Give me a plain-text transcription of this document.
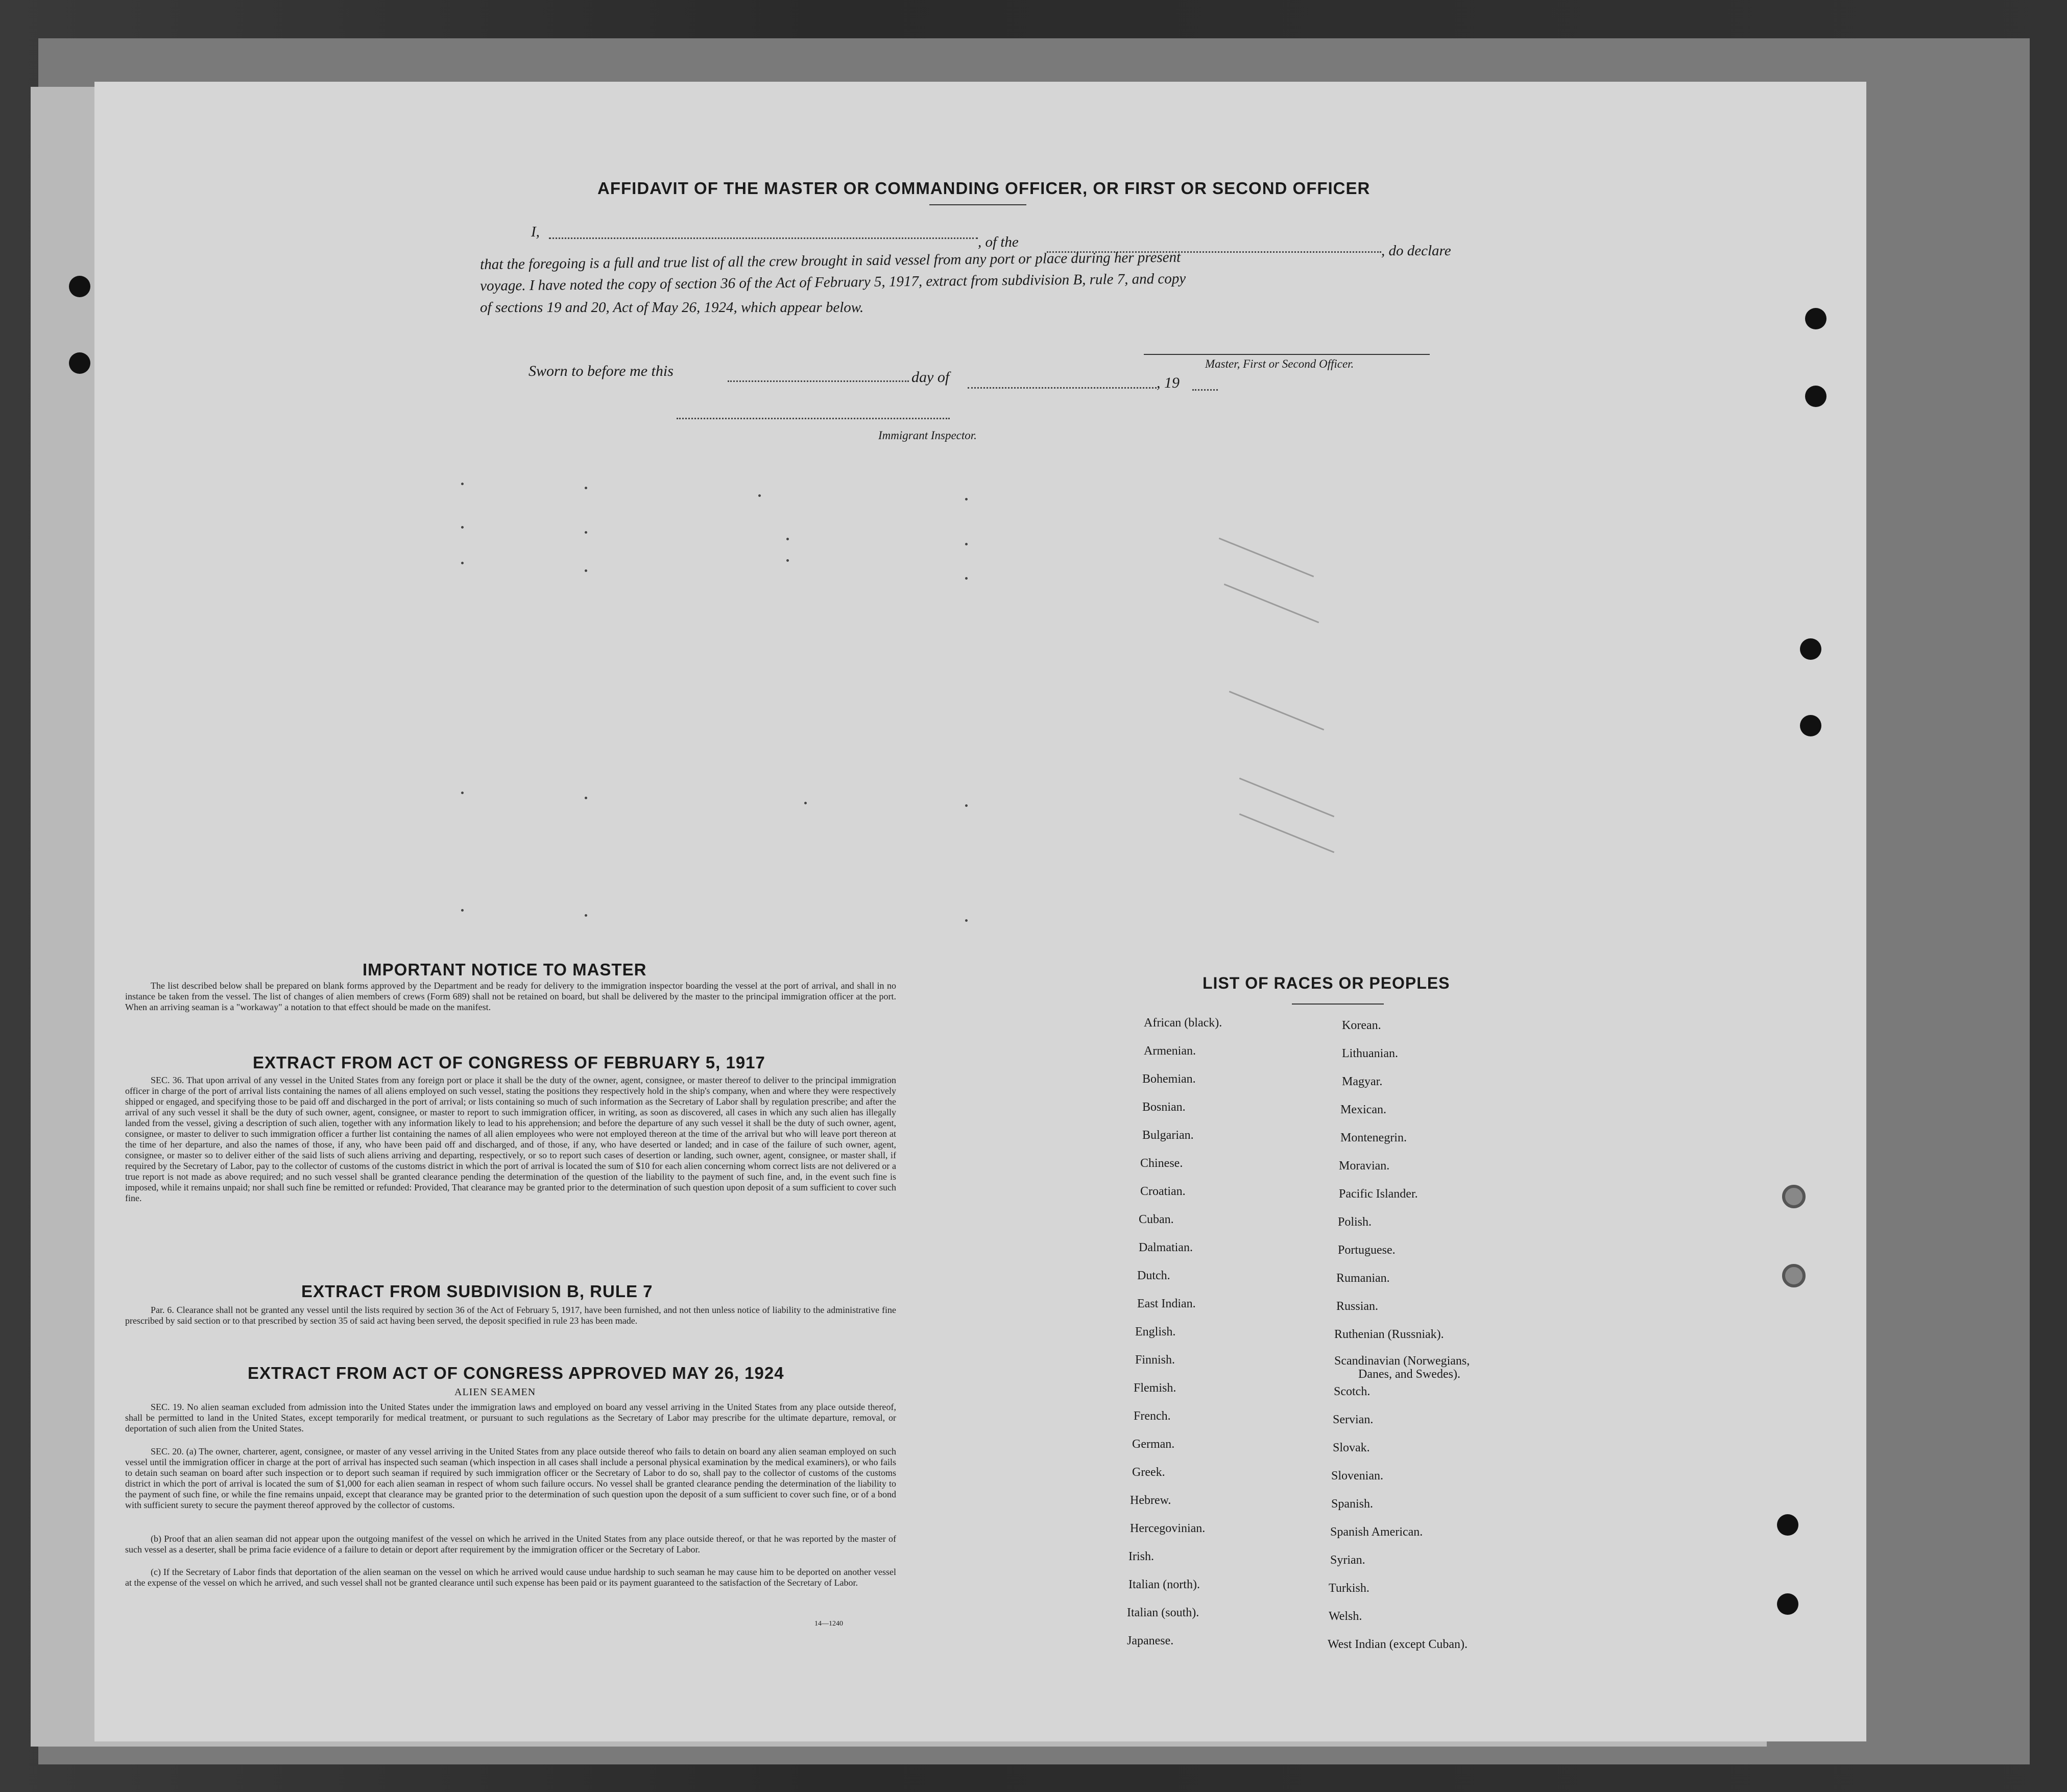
AFFIDAVIT OF THE MASTER OR COMMANDING OFFICER, OR FIRST OR SECOND OFFICER
I,
, of the
, do declare
that the foregoing is a full and true list of all the crew brought in said vessel from any port or place during her present
voyage. I have noted the copy of section 36 of the Act of February 5, 1917, extract from subdivision B, rule 7, and copy
of sections 19 and 20, Act of May 26, 1924, which appear below.
Master, First or Second Officer.
Sworn to before me this	day of	, 19
Immigrant Inspector.
IMPORTANT NOTICE TO MASTER
The list described below shall be prepared on blank forms approved by the Department and be ready for delivery to the immigration inspector boarding the vessel at the port of arrival, and shall in no instance be taken from the vessel. The list of changes of alien members of crews (Form 689) shall not be retained on board, but shall be delivered by the master to the principal immigration officer at the port. When an arriving seaman is a "workaway" a notation to that effect should be made on the manifest.
EXTRACT FROM ACT OF CONGRESS OF FEBRUARY 5, 1917
SEC. 36. That upon arrival of any vessel in the United States from any foreign port or place it shall be the duty of the owner, agent, consignee, or master thereof to deliver to the principal immigration officer in charge of the port of arrival lists containing the names of all aliens employed on such vessel, stating the positions they respectively hold in the ship's company, when and where they were respectively shipped or engaged, and specifying those to be paid off and discharged in the port of arrival; or lists containing so much of such information as the Secretary of Labor shall by regulation prescribe; and after the arrival of any such vessel it shall be the duty of such owner, agent, consignee, or master to report to such immigration officer, in writing, as soon as discovered, all cases in which any such alien has illegally landed from the vessel, giving a description of such alien, together with any information likely to lead to his apprehension; and before the departure of any such vessel it shall be the duty of such owner, agent, consignee, or master to deliver to such immigration officer a further list containing the names of all alien employees who were not employed thereon at the time of the arrival but who will leave port thereon at the time of her departure, and also the names of those, if any, who have been paid off and discharged, and of those, if any, who have deserted or landed; and in case of the failure of such owner, agent, consignee, or master so to deliver either of the said lists of such aliens arriving and departing, respectively, or so to report such cases of desertion or landing, such owner, agent, consignee, or master shall, if required by the Secretary of Labor, pay to the collector of customs of the customs district in which the port of arrival is located the sum of $10 for each alien concerning whom correct lists are not delivered or a true report is not made as above required; and no such vessel shall be granted clearance pending the determination of the question of the liability to the payment of such fine, and, in the event such fine is imposed, while it remains unpaid; nor shall such fine be remitted or refunded: Provided, That clearance may be granted prior to the determination of such question upon deposit of a sum sufficient to cover such fine.
EXTRACT FROM SUBDIVISION B, RULE 7
Par. 6. Clearance shall not be granted any vessel until the lists required by section 36 of the Act of February 5, 1917, have been furnished, and not then unless notice of liability to the administrative fine prescribed by said section or to that prescribed by section 35 of said act having been served, the deposit specified in rule 23 has been made.
EXTRACT FROM ACT OF CONGRESS APPROVED MAY 26, 1924
ALIEN SEAMEN
SEC. 19. No alien seaman excluded from admission into the United States under the immigration laws and employed on board any vessel arriving in the United States from any place outside thereof, shall be permitted to land in the United States, except temporarily for medical treatment, or pursuant to such regulations as the Secretary of Labor may prescribe for the ultimate departure, removal, or deportation of such alien from the United States.
SEC. 20. (a) The owner, charterer, agent, consignee, or master of any vessel arriving in the United States from any place outside thereof who fails to detain on board any alien seaman employed on such vessel until the immigration officer in charge at the port of arrival has inspected such seaman (which inspection in all cases shall include a personal physical examination by the medical examiners), or who fails to detain such seaman on board after such inspection or to deport such seaman if required by such immigration officer or the Secretary of Labor to do so, shall pay to the collector of customs of the customs district in which the port of arrival is located the sum of $1,000 for each alien seaman in respect of whom such failure occurs. No vessel shall be granted clearance pending the determination of the liability to the payment of such fine, or while the fine remains unpaid, except that clearance may be granted prior to the determination of such question upon the deposit of a sum sufficient to cover such fine, or of a bond with sufficient surety to secure the payment thereof approved by the collector of customs.
(b) Proof that an alien seaman did not appear upon the outgoing manifest of the vessel on which he arrived in the United States from any place outside thereof, or that he was reported by the master of such vessel as a deserter, shall be prima facie evidence of a failure to detain or deport after requirement by the immigration officer or the Secretary of Labor.
(c) If the Secretary of Labor finds that deportation of the alien seaman on the vessel on which he arrived would cause undue hardship to such seaman he may cause him to be deported on another vessel at the expense of the vessel on which he arrived, and such vessel shall not be granted clearance until such expense has been paid or its payment guaranteed to the satisfaction of the Secretary of Labor.
14—1240
LIST OF RACES OR PEOPLES
African (black).
Armenian.
Bohemian.
Bosnian.
Bulgarian.
Chinese.
Croatian.
Cuban.
Dalmatian.
Dutch.
East Indian.
English.
Finnish.
Flemish.
French.
German.
Greek.
Hebrew.
Hercegovinian.
Irish.
Italian (north).
Italian (south).
Japanese.
Korean.
Lithuanian.
Magyar.
Mexican.
Montenegrin.
Moravian.
Pacific Islander.
Polish.
Portuguese.
Rumanian.
Russian.
Ruthenian (Russniak).
Scandinavian (Norwegians,
Danes, and Swedes).
Scotch.
Servian.
Slovak.
Slovenian.
Spanish.
Spanish American.
Syrian.
Turkish.
Welsh.
West Indian (except Cuban).
